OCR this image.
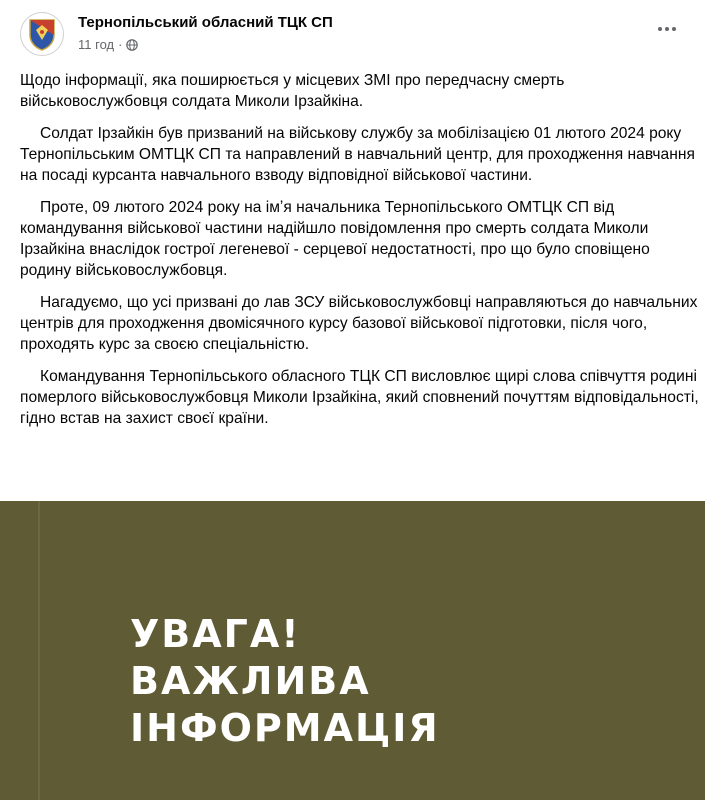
Тернопільський обласний ТЦК СП
11 год ·

Щодо інформації, яка поширюється у місцевих ЗМІ про передчасну смерть військовослужбовця солдата Миколи Ірзайкіна.

Солдат Ірзайкін був призваний на військову службу за мобілізацією 01 лютого 2024 року Тернопільським ОМТЦК СП та направлений в навчальний центр, для проходження навчання на посаді курсанта навчального взводу відповідної військової частини.

Проте, 09 лютого 2024 року на імʼя начальника Тернопільського ОМТЦК СП від командування військової частини надійшло повідомлення про смерть солдата Миколи Ірзайкіна внаслідок гострої легеневої - серцевої недостатності, про що було сповіщено родину військовослужбовця.

Нагадуємо, що усі призвані до лав ЗСУ військовослужбовці направляються до навчальних центрів для проходження двомісячного курсу базової військової підготовки, після чого, проходять курс за своєю спеціальністю.

Командування Тернопільського обласного ТЦК СП висловлює щирі слова співчуття родині померлого військовослужбовця Миколи Ірзайкіна, який сповнений почуттям відповідальності, гідно встав на захист своєї країни.

УВАГА!
ВАЖЛИВА
ІНФОРМАЦІЯ
